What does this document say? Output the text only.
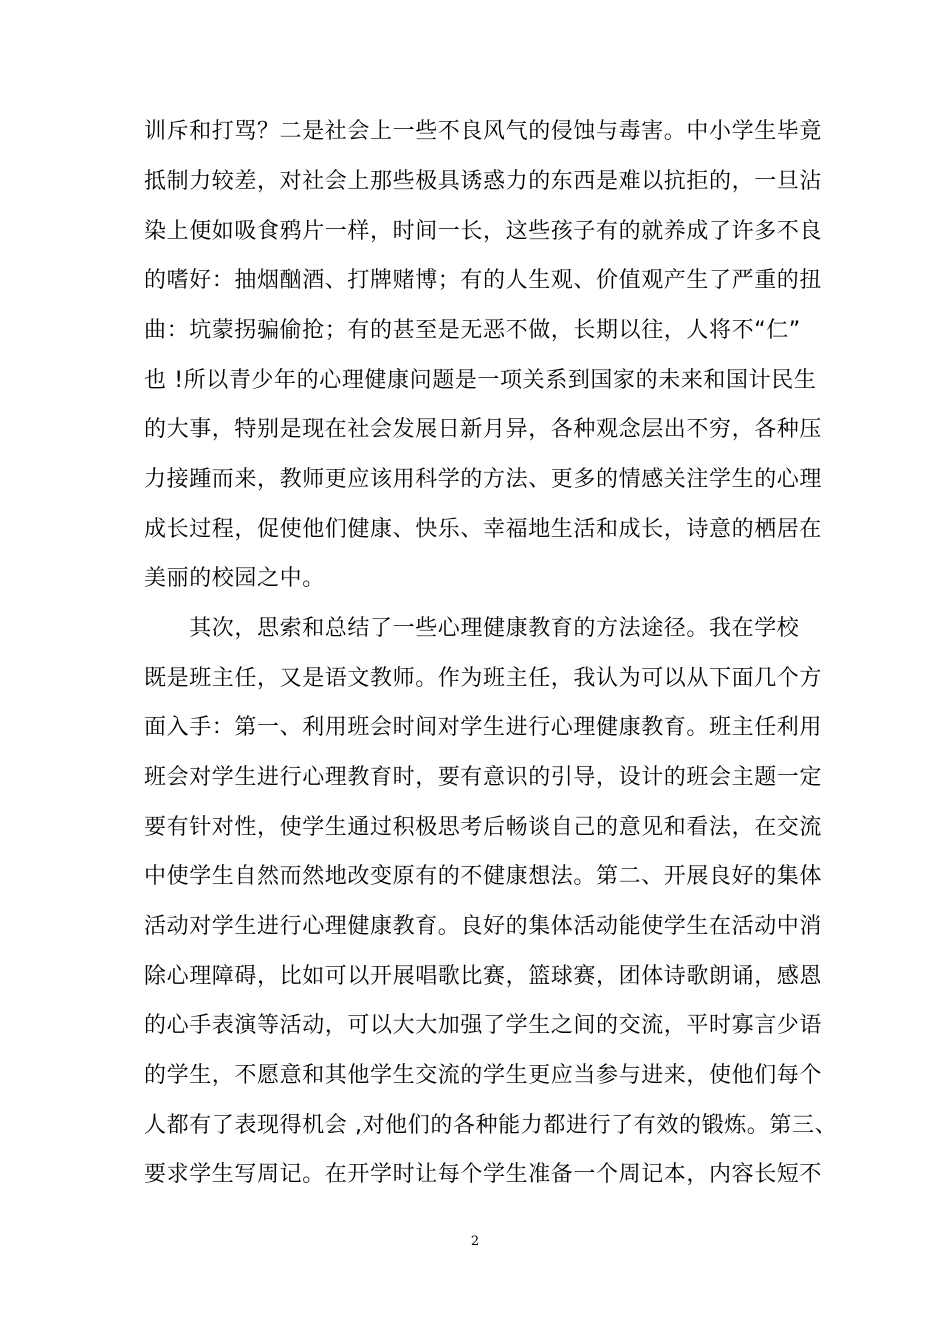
训斥和打骂？二是社会上一些不良风气的侵蚀与毒害。中小学生毕竟
抵制力较差，对社会上那些极具诱惑力的东西是难以抗拒的，一旦沾
染上便如吸食鸦片一样，时间一长，这些孩子有的就养成了许多不良
的嗜好：抽烟酗酒、打牌赌博；有的人生观、价值观产生了严重的扭
曲：坑蒙拐骗偷抢；有的甚至是无恶不做，长期以往，人将不“仁”
也 !所以青少年的心理健康问题是一项关系到国家的未来和国计民生
的大事，特别是现在社会发展日新月异，各种观念层出不穷，各种压
力接踵而来，教师更应该用科学的方法、更多的情感关注学生的心理
成长过程，促使他们健康、快乐、幸福地生活和成长，诗意的栖居在
美丽的校园之中。
　　其次，思索和总结了一些心理健康教育的方法途径。我在学校
既是班主任，又是语文教师。作为班主任，我认为可以从下面几个方
面入手：第一、利用班会时间对学生进行心理健康教育。班主任利用
班会对学生进行心理教育时，要有意识的引导，设计的班会主题一定
要有针对性，使学生通过积极思考后畅谈自己的意见和看法，在交流
中使学生自然而然地改变原有的不健康想法。第二、开展良好的集体
活动对学生进行心理健康教育。良好的集体活动能使学生在活动中消
除心理障碍，比如可以开展唱歌比赛，篮球赛，团体诗歌朗诵，感恩
的心手表演等活动，可以大大加强了学生之间的交流，平时寡言少语
的学生，不愿意和其他学生交流的学生更应当参与进来，使他们每个
人都有了表现得机会 ,对他们的各种能力都进行了有效的锻炼。第三、
要求学生写周记。在开学时让每个学生准备一个周记本，内容长短不
2
